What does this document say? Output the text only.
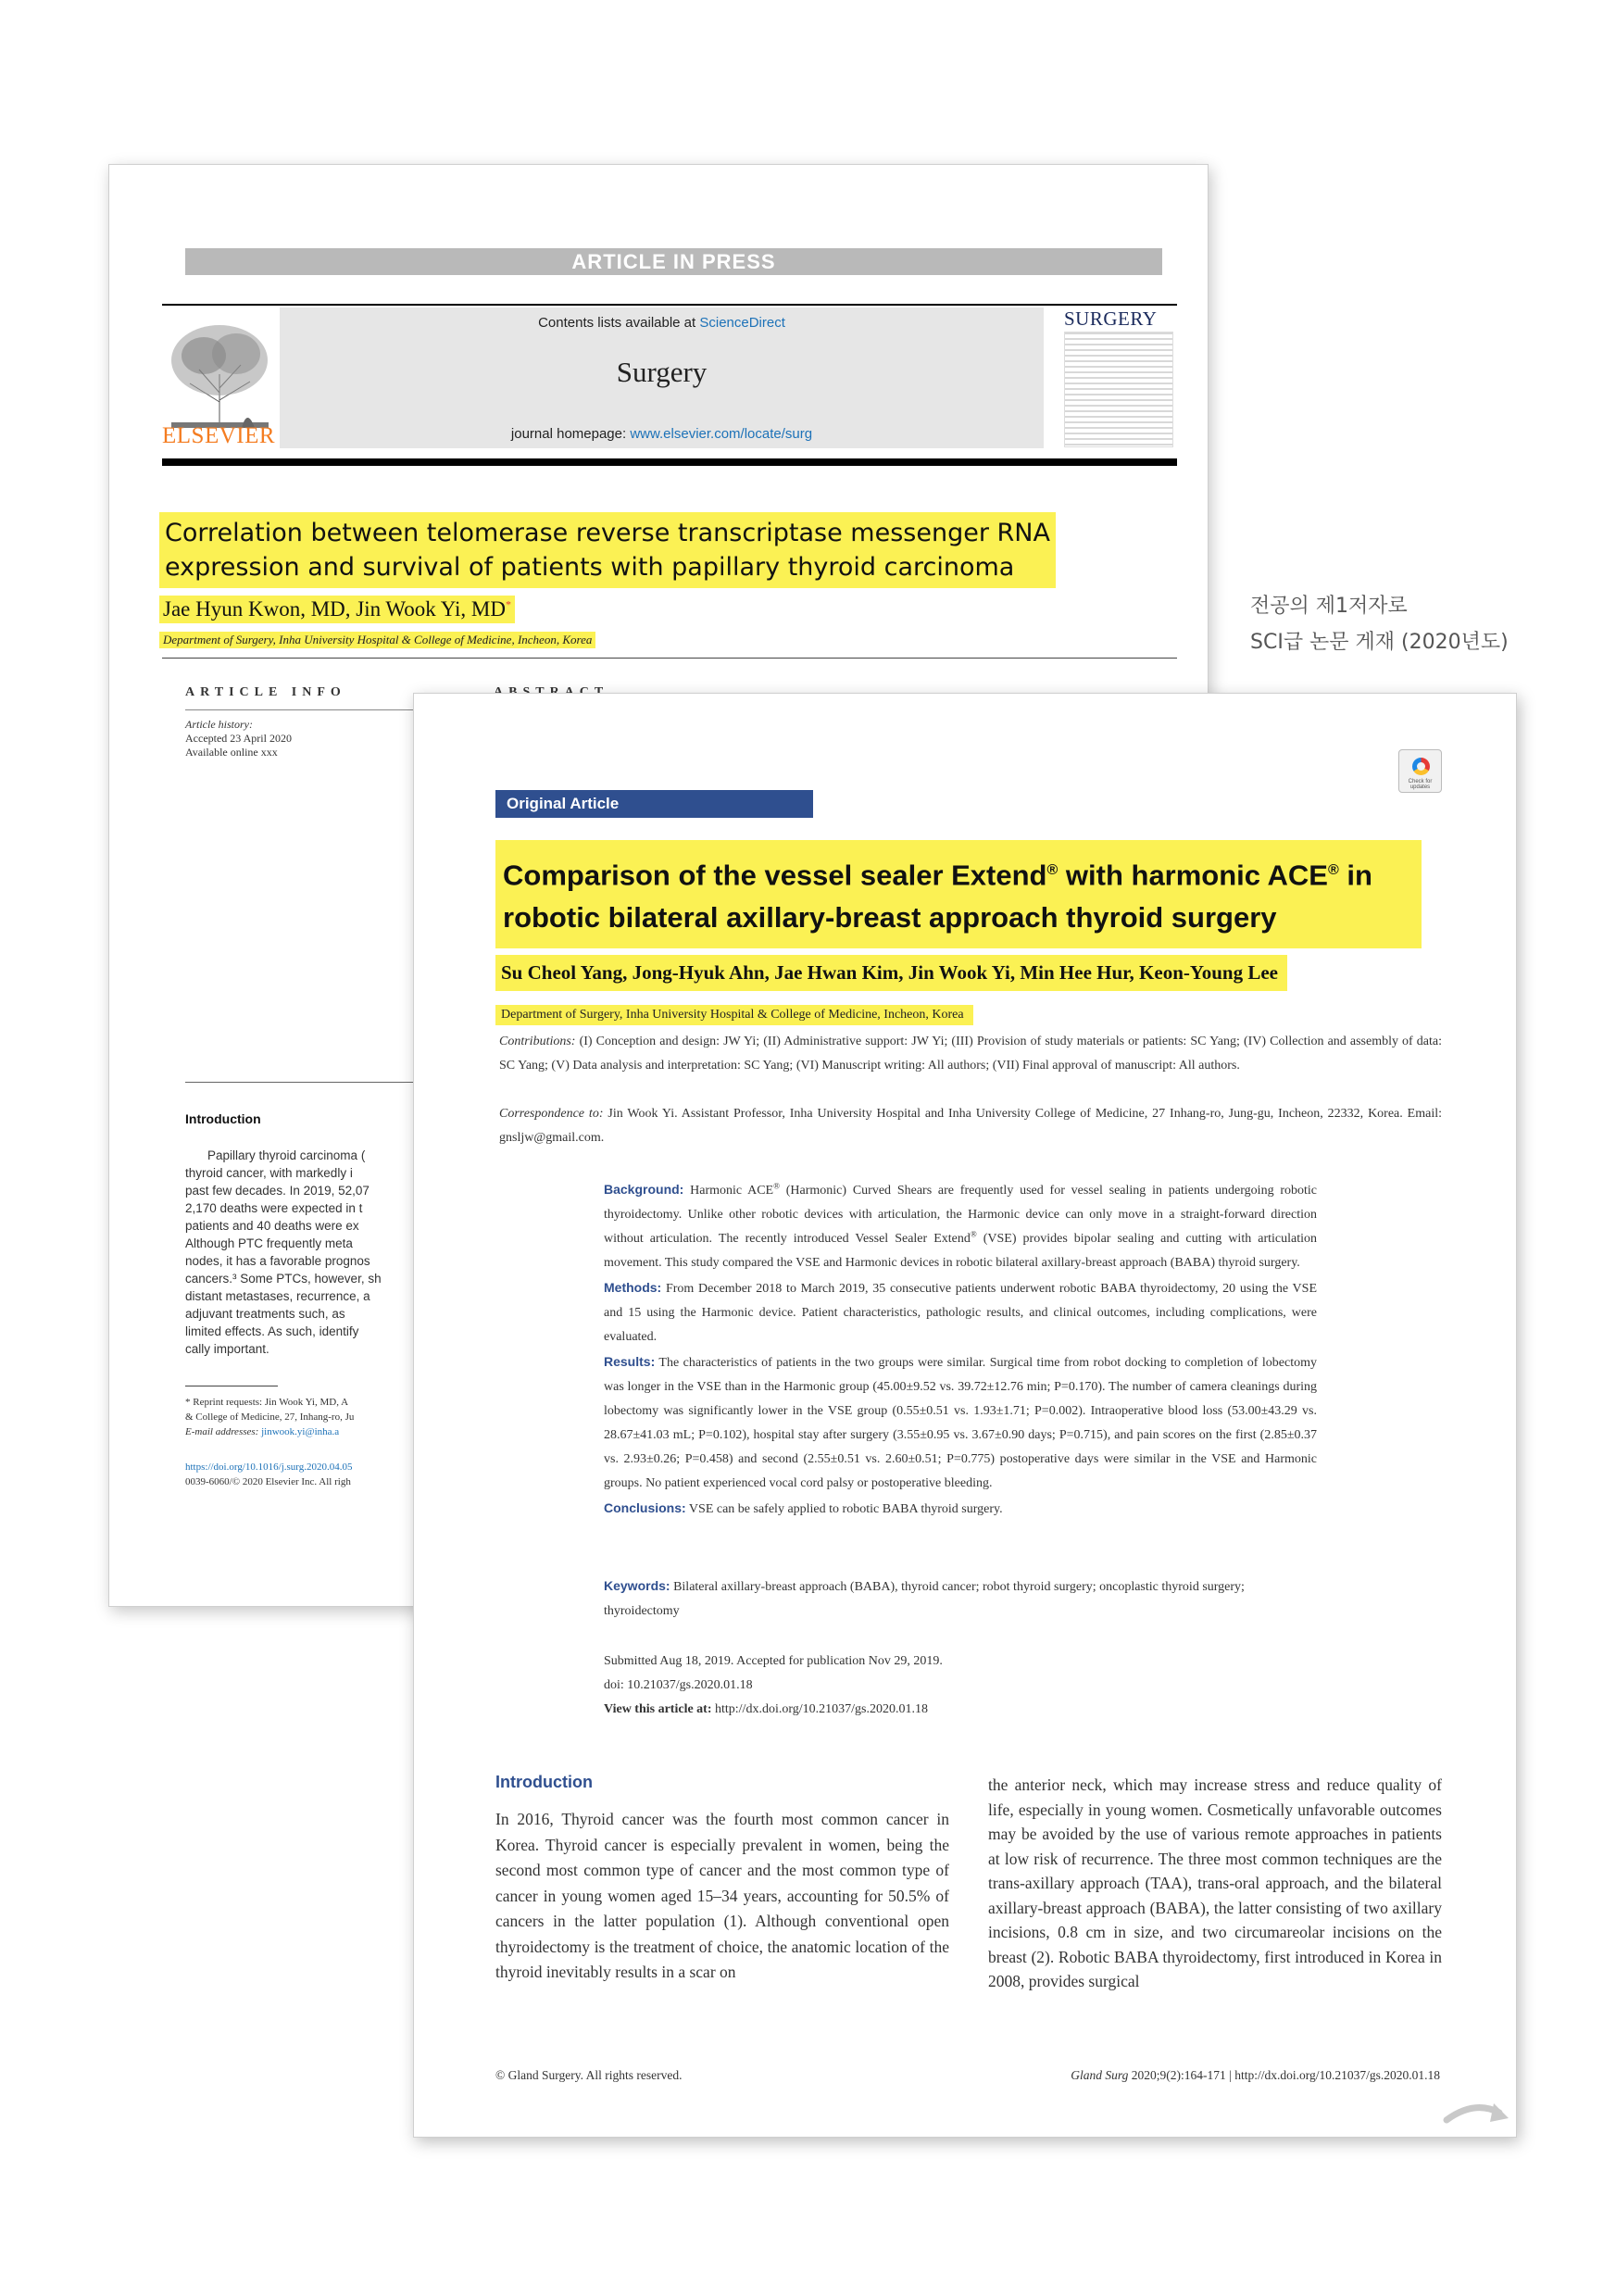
ARTICLE IN PRESS
ELSEVIER
Contents lists available at ScienceDirect
Surgery
journal homepage: www.elsevier.com/locate/surg
SURGERY
Correlation between telomerase reverse transcriptase messenger RNA
expression and survival of patients with papillary thyroid carcinoma
Jae Hyun Kwon, MD, Jin Wook Yi, MD*
Department of Surgery, Inha University Hospital & College of Medicine, Incheon, Korea
ARTICLE INFO
Article history:
Accepted 23 April 2020
Available online xxx
Introduction
Papillary thyroid carcinoma (
thyroid cancer, with markedly i
past few decades. In 2019, 52,07
2,170 deaths were expected in t
patients and 40 deaths were ex
Although PTC frequently meta
nodes, it has a favorable prognos
cancers.³ Some PTCs, however, sh
distant metastases, recurrence, a
adjuvant treatments such, as
limited effects. As such, identify
cally important.
* Reprint requests: Jin Wook Yi, MD, A
& College of Medicine, 27, Inhang-ro, Ju
E-mail addresses: jinwook.yi@inha.a
https://doi.org/10.1016/j.surg.2020.04.05
0039-6060/© 2020 Elsevier Inc. All righ
전공의 제1저자로
SCI급 논문 게재 (2020년도)
Check for updates
Original Article
Comparison of the vessel sealer Extend® with harmonic ACE® in robotic bilateral axillary-breast approach thyroid surgery
Su Cheol Yang, Jong-Hyuk Ahn, Jae Hwan Kim, Jin Wook Yi, Min Hee Hur, Keon-Young Lee
Department of Surgery, Inha University Hospital & College of Medicine, Incheon, Korea
Contributions: (I) Conception and design: JW Yi; (II) Administrative support: JW Yi; (III) Provision of study materials or patients: SC Yang; (IV) Collection and assembly of data: SC Yang; (V) Data analysis and interpretation: SC Yang; (VI) Manuscript writing: All authors; (VII) Final approval of manuscript: All authors.
Correspondence to: Jin Wook Yi. Assistant Professor, Inha University Hospital and Inha University College of Medicine, 27 Inhang-ro, Jung-gu, Incheon, 22332, Korea. Email: gnsljw@gmail.com.
Background: Harmonic ACE® (Harmonic) Curved Shears are frequently used for vessel sealing in patients undergoing robotic thyroidectomy. Unlike other robotic devices with articulation, the Harmonic device can only move in a straight-forward direction without articulation. The recently introduced Vessel Sealer Extend® (VSE) provides bipolar sealing and cutting with articulation movement. This study compared the VSE and Harmonic devices in robotic bilateral axillary-breast approach (BABA) thyroid surgery.
Methods: From December 2018 to March 2019, 35 consecutive patients underwent robotic BABA thyroidectomy, 20 using the VSE and 15 using the Harmonic device. Patient characteristics, pathologic results, and clinical outcomes, including complications, were evaluated.
Results: The characteristics of patients in the two groups were similar. Surgical time from robot docking to completion of lobectomy was longer in the VSE than in the Harmonic group (45.00±9.52 vs. 39.72±12.76 min; P=0.170). The number of camera cleanings during lobectomy was significantly lower in the VSE group (0.55±0.51 vs. 1.93±1.71; P=0.002). Intraoperative blood loss (53.00±43.29 vs. 28.67±41.03 mL; P=0.102), hospital stay after surgery (3.55±0.95 vs. 3.67±0.90 days; P=0.715), and pain scores on the first (2.85±0.37 vs. 2.93±0.26; P=0.458) and second (2.55±0.51 vs. 2.60±0.51; P=0.775) postoperative days were similar in the VSE and Harmonic groups. No patient experienced vocal cord palsy or postoperative bleeding.
Conclusions: VSE can be safely applied to robotic BABA thyroid surgery.
Keywords: Bilateral axillary-breast approach (BABA), thyroid cancer; robot thyroid surgery; oncoplastic thyroid surgery; thyroidectomy
Submitted Aug 18, 2019. Accepted for publication Nov 29, 2019.
doi: 10.21037/gs.2020.01.18
View this article at: http://dx.doi.org/10.21037/gs.2020.01.18
Introduction
In 2016, Thyroid cancer was the fourth most common cancer in Korea. Thyroid cancer is especially prevalent in women, being the second most common type of cancer and the most common type of cancer in young women aged 15–34 years, accounting for 50.5% of cancers in the latter population (1). Although conventional open thyroidectomy is the treatment of choice, the anatomic location of the thyroid inevitably results in a scar on
the anterior neck, which may increase stress and reduce quality of life, especially in young women. Cosmetically unfavorable outcomes may be avoided by the use of various remote approaches in patients at low risk of recurrence. The three most common techniques are the trans-axillary approach (TAA), trans-oral approach, and the bilateral axillary-breast approach (BABA), the latter consisting of two axillary incisions, 0.8 cm in size, and two circumareolar incisions on the breast (2). Robotic BABA thyroidectomy, first introduced in Korea in 2008, provides surgical
© Gland Surgery. All rights reserved.	Gland Surg 2020;9(2):164-171 | http://dx.doi.org/10.21037/gs.2020.01.18
